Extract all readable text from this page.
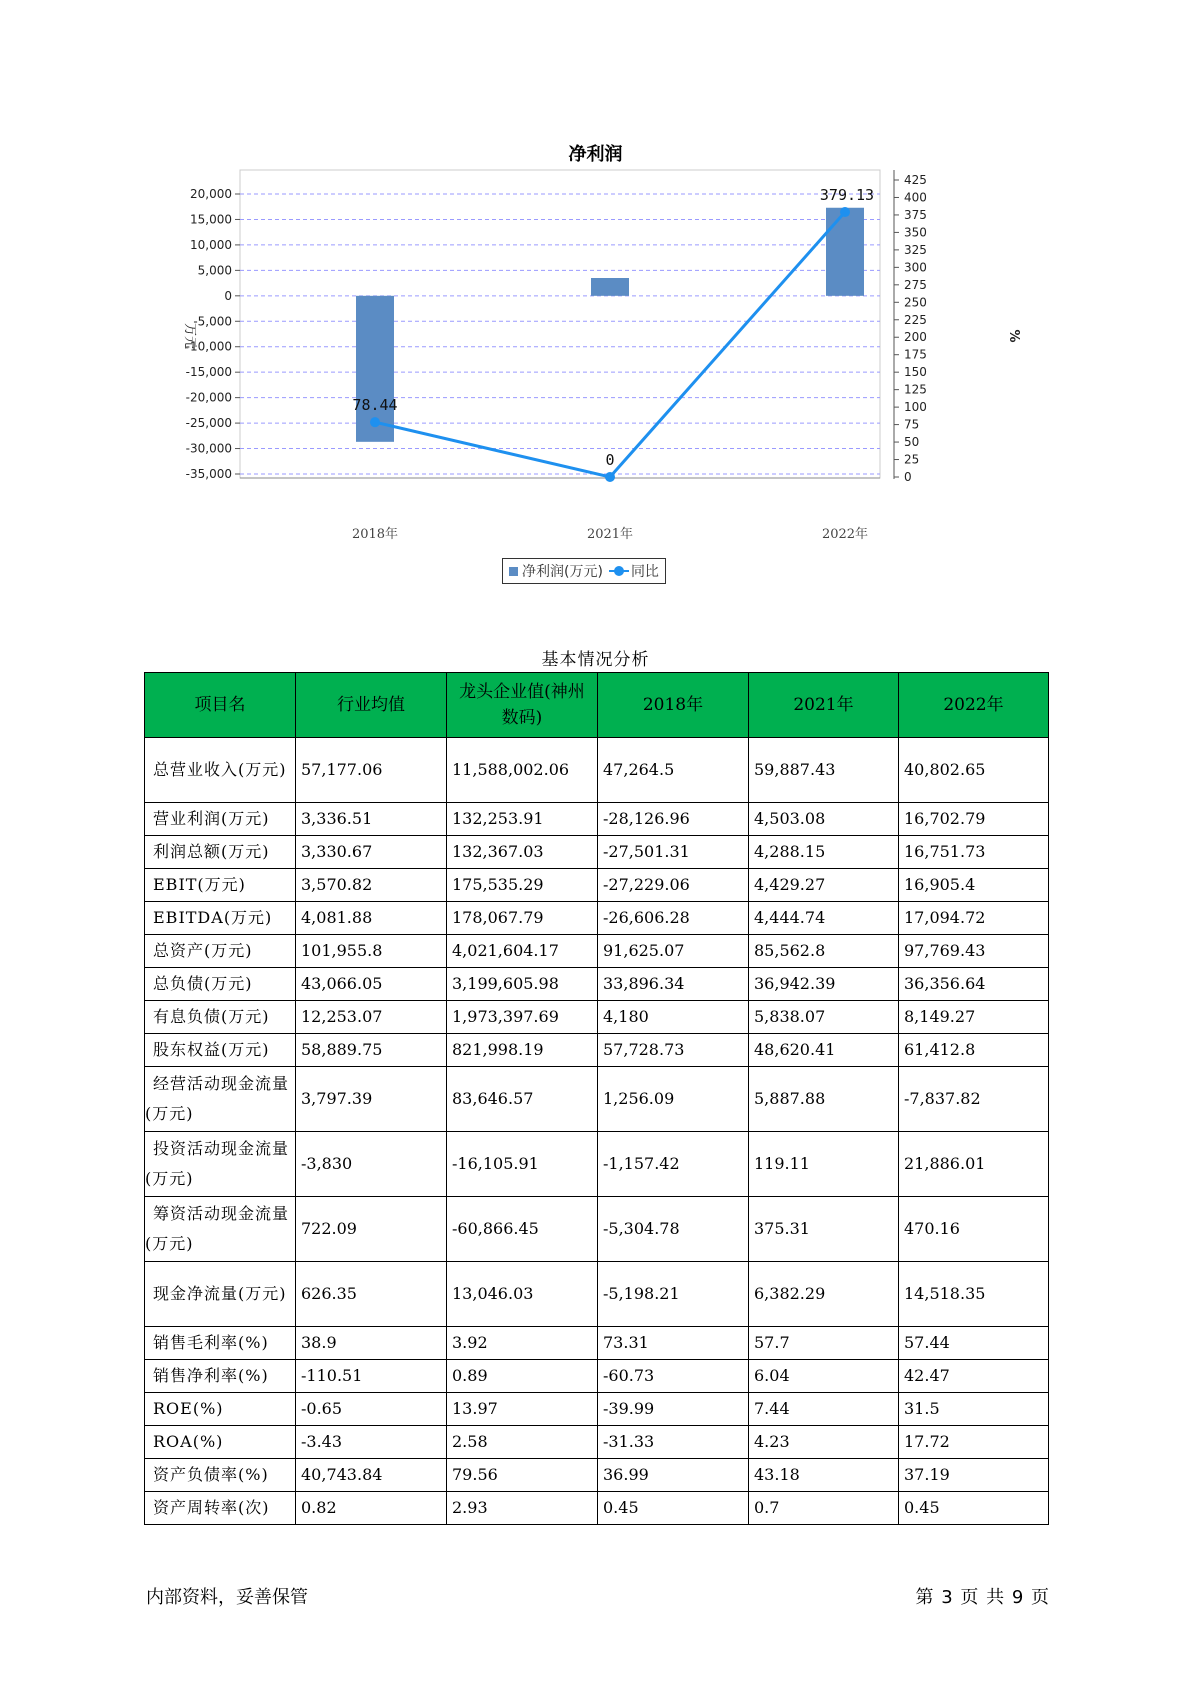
净利润
20,000
15,000
10,000
5,000
0
-5,000
-10,000
-15,000
-20,000
-25,000
-30,000
-35,000
425
400
375
350
325
300
275
250
225
200
175
150
125
100
75
50
25
0
万元	%
2018年	2021年	2022年
78.44
0
379.13
净利润(万元) 同比
基本情况分析
项目名	行业均值	龙头企业值(神州数码)	2018年	2021年	2022年
总营业收入(万元)	57,177.06	11,588,002.06	47,264.5	59,887.43	40,802.65
营业利润(万元)	3,336.51	132,253.91	-28,126.96	4,503.08	16,702.79
利润总额(万元)	3,330.67	132,367.03	-27,501.31	4,288.15	16,751.73
EBIT(万元)	3,570.82	175,535.29	-27,229.06	4,429.27	16,905.4
EBITDA(万元)	4,081.88	178,067.79	-26,606.28	4,444.74	17,094.72
总资产(万元)	101,955.8	4,021,604.17	91,625.07	85,562.8	97,769.43
总负债(万元)	43,066.05	3,199,605.98	33,896.34	36,942.39	36,356.64
有息负债(万元)	12,253.07	1,973,397.69	4,180	5,838.07	8,149.27
股东权益(万元)	58,889.75	821,998.19	57,728.73	48,620.41	61,412.8
经营活动现金流量(万元)	3,797.39	83,646.57	1,256.09	5,887.88	-7,837.82
投资活动现金流量(万元)	-3,830	-16,105.91	-1,157.42	119.11	21,886.01
筹资活动现金流量(万元)	722.09	-60,866.45	-5,304.78	375.31	470.16
现金净流量(万元)	626.35	13,046.03	-5,198.21	6,382.29	14,518.35
销售毛利率(%)	38.9	3.92	73.31	57.7	57.44
销售净利率(%)	-110.51	0.89	-60.73	6.04	42.47
ROE(%)	-0.65	13.97	-39.99	7.44	31.5
ROA(%)	-3.43	2.58	-31.33	4.23	17.72
资产负债率(%)	40,743.84	79.56	36.99	43.18	37.19
资产周转率(次)	0.82	2.93	0.45	0.7	0.45
内部资料，妥善保管	第 3 页 共 9 页
